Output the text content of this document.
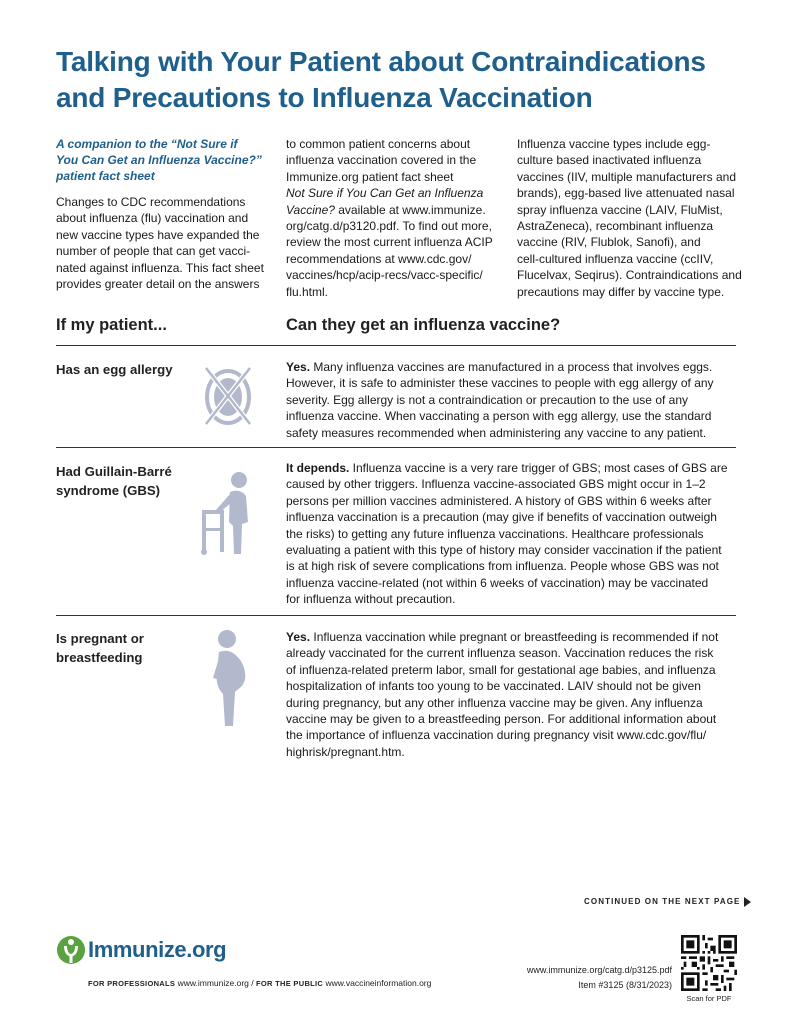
Talking with Your Patient about Contraindications
and Precautions to Influenza Vaccination
A companion to the “Not Sure if
You Can Get an Influenza Vaccine?”
patient fact sheet

Changes to CDC recommendations
about influenza (flu) vaccination and
new vaccine types have expanded the
number of people that can get vacci-
nated against influenza. This fact sheet
provides greater detail on the answers

to common patient concerns about
influenza vaccination covered in the
Immunize.org patient fact sheet
Not Sure if You Can Get an Influenza
Vaccine? available at www.immunize.
org/catg.d/p3120.pdf. To find out more,
review the most current influenza ACIP
recommendations at www.cdc.gov/
vaccines/hcp/acip-recs/vacc-specific/
flu.html.

Influenza vaccine types include egg-
culture based inactivated influenza
vaccines (IIV, multiple manufacturers and
brands), egg-based live attenuated nasal
spray influenza vaccine (LAIV, FluMist,
AstraZeneca), recombinant influenza
vaccine (RIV, Flublok, Sanofi), and
cell-cultured influenza vaccine (ccIIV,
Flucelvax, Seqirus). Contraindications and
precautions may differ by vaccine type.

If my patient...	Can they get an influenza vaccine?
Has an egg allergy	Yes. Many influenza vaccines are manufactured in a process that involves eggs.
However, it is safe to administer these vaccines to people with egg allergy of any
severity. Egg allergy is not a contraindication or precaution to the use of any
influenza vaccine. When vaccinating a person with egg allergy, use the standard
safety measures recommended when administering any vaccine to any patient.
Had Guillain-Barré
syndrome (GBS)
It depends. Influenza vaccine is a very rare trigger of GBS; most cases of GBS are
caused by other triggers. Influenza vaccine-associated GBS might occur in 1–2
persons per million vaccines administered. A history of GBS within 6 weeks after
influenza vaccination is a precaution (may give if benefits of vaccination outweigh
the risks) to getting any future influenza vaccinations. Healthcare professionals
evaluating a patient with this type of history may consider vaccination if the patient
is at high risk of severe complications from influenza. People whose GBS was not
influenza vaccine-related (not within 6 weeks of vaccination) may be vaccinated
for influenza without precaution.
Is pregnant or
breastfeeding
Yes. Influenza vaccination while pregnant or breastfeeding is recommended if not
already vaccinated for the current influenza season. Vaccination reduces the risk
of influenza-related preterm labor, small for gestational age babies, and influenza
hospitalization of infants too young to be vaccinated. LAIV should not be given
during pregnancy, but any other influenza vaccine may be given. Any influenza
vaccine may be given to a breastfeeding person. For additional information about
the importance of influenza vaccination during pregnancy visit www.cdc.gov/flu/
highrisk/pregnant.htm.
CONTINUED ON THE NEXT PAGE
Immunize.org
FOR PROFESSIONALS www.immunize.org / FOR THE PUBLIC www.vaccineinformation.org
www.immunize.org/catg.d/p3125.pdf
Item #3125 (8/31/2023)
Scan for PDF
